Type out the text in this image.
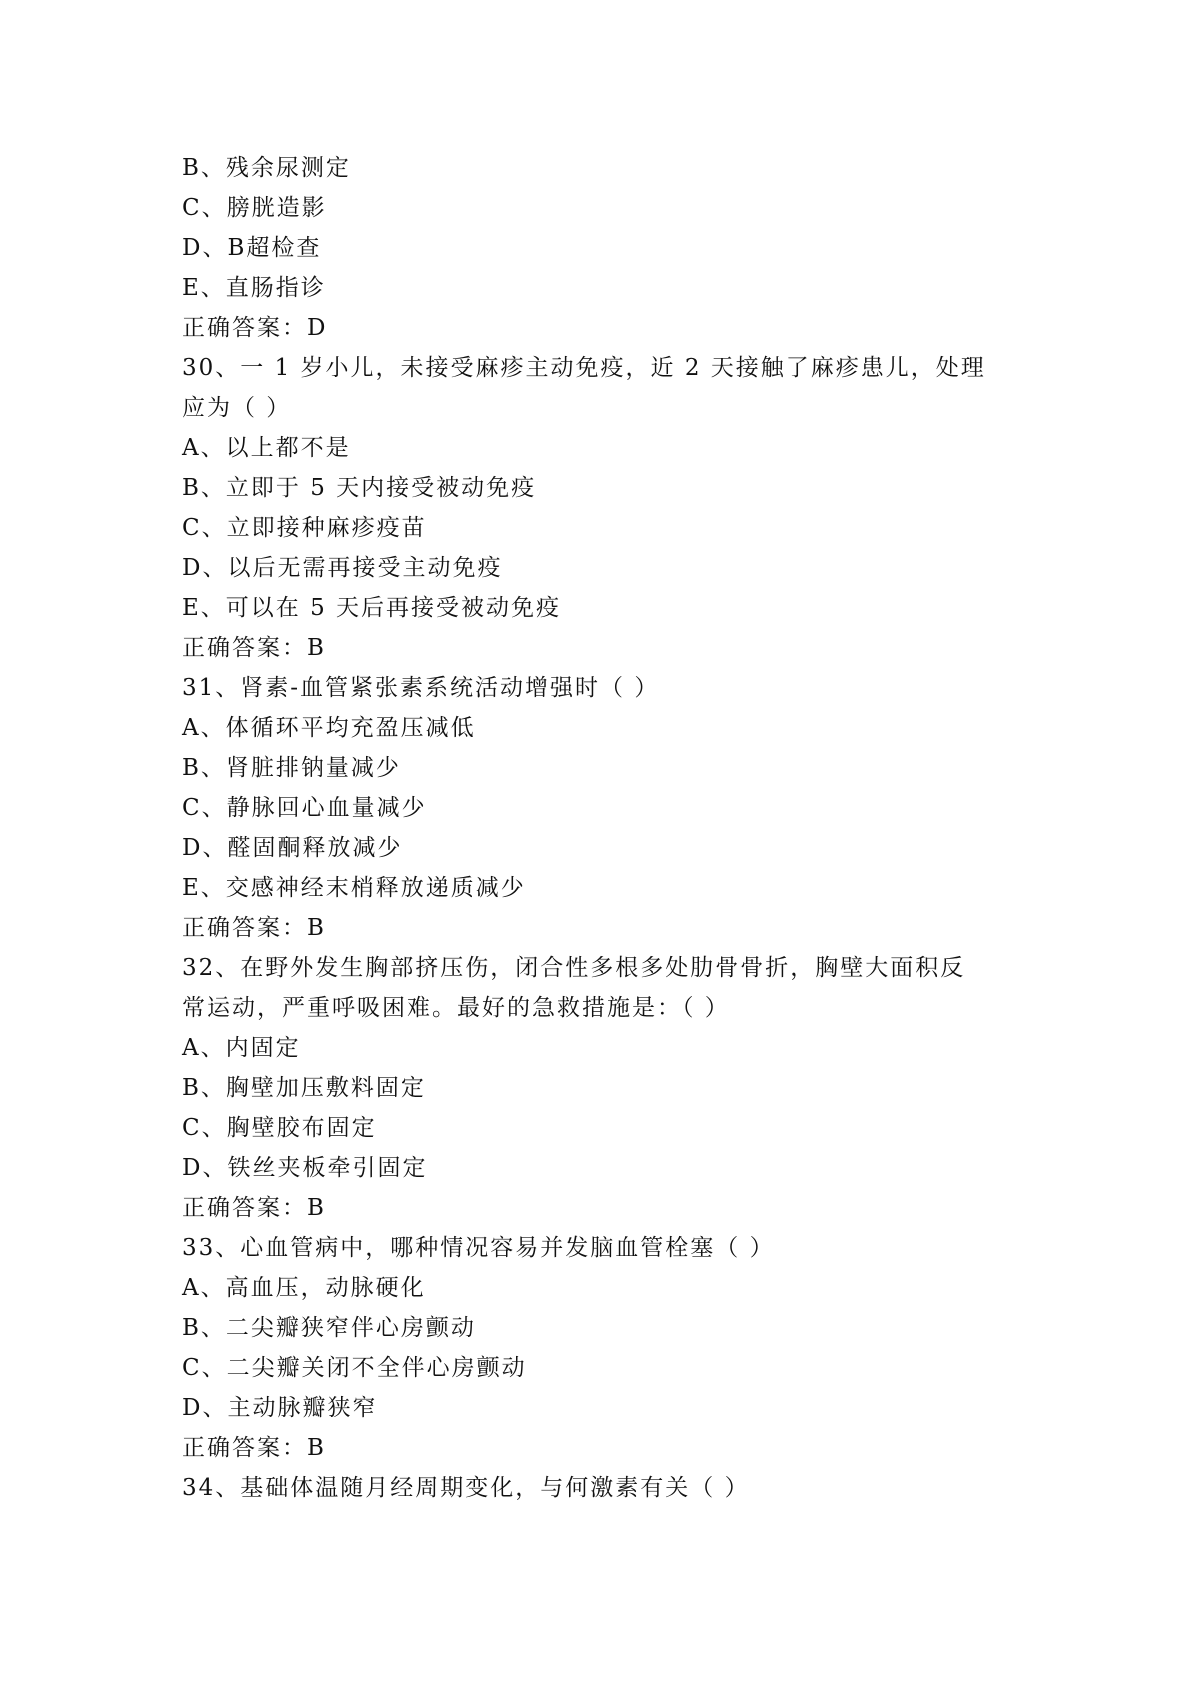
B、残余尿测定
C、膀胱造影
D、B超检查
E、直肠指诊
正确答案：D
30、一 1 岁小儿，未接受麻疹主动免疫，近 2 天接触了麻疹患儿，处理
应为（ ）
A、以上都不是
B、立即于 5 天内接受被动免疫
C、立即接种麻疹疫苗
D、以后无需再接受主动免疫
E、可以在 5 天后再接受被动免疫
正确答案：B
31、肾素-血管紧张素系统活动增强时（ ）
A、体循环平均充盈压减低
B、肾脏排钠量减少
C、静脉回心血量减少
D、醛固酮释放减少
E、交感神经末梢释放递质减少
正确答案：B
32、在野外发生胸部挤压伤，闭合性多根多处肋骨骨折，胸壁大面积反
常运动，严重呼吸困难。最好的急救措施是：（ ）
A、内固定
B、胸壁加压敷料固定
C、胸壁胶布固定
D、铁丝夹板牵引固定
正确答案：B
33、心血管病中，哪种情况容易并发脑血管栓塞（ ）
A、高血压，动脉硬化
B、二尖瓣狭窄伴心房颤动
C、二尖瓣关闭不全伴心房颤动
D、主动脉瓣狭窄
正确答案：B
34、基础体温随月经周期变化，与何激素有关（ ）
